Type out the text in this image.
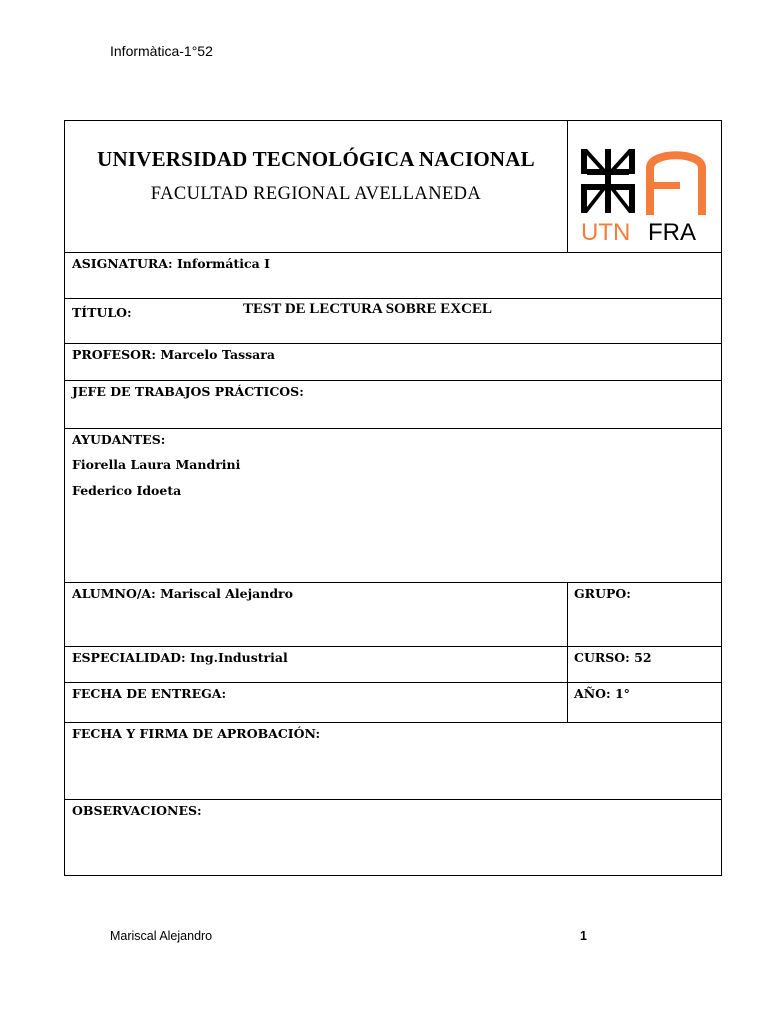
Informàtica-1°52
UNIVERSIDAD TECNOLÓGICA NACIONAL
FACULTAD REGIONAL AVELLANEDA
UTN FRA
ASIGNATURA: Informática I
TÍTULO:	TEST DE LECTURA SOBRE EXCEL
PROFESOR: Marcelo Tassara
JEFE DE TRABAJOS PRÁCTICOS:
AYUDANTES:
Fiorella Laura Mandrini
Federico Idoeta
ALUMNO/A: Mariscal Alejandro	GRUPO:
ESPECIALIDAD: Ing.Industrial	CURSO: 52
FECHA DE ENTREGA:	AÑO: 1°
FECHA Y FIRMA DE APROBACIÓN:
OBSERVACIONES:
Mariscal Alejandro	1
